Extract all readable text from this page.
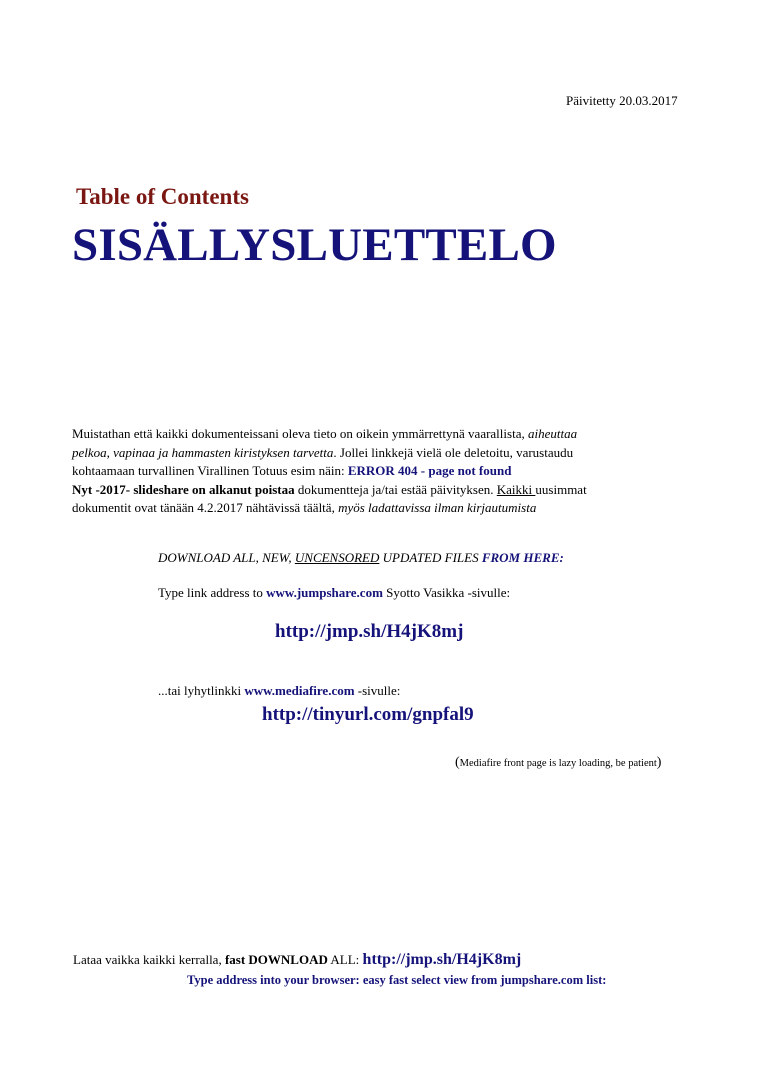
Päivitetty 20.03.2017
Table of Contents
SISÄLLYSLUETTELO
Muistathan että kaikki dokumenteissani oleva tieto on oikein ymmärrettynä vaarallista, aiheuttaa
pelkoa, vapinaa ja hammasten kiristyksen tarvetta. Jollei linkkejä vielä ole deletoitu, varustaudu
kohtaamaan turvallinen Virallinen Totuus esim näin: ERROR 404 - page not found
Nyt -2017- slideshare on alkanut poistaa dokumentteja ja/tai estää päivityksen. Kaikki uusimmat
dokumentit ovat tänään 4.2.2017 nähtävissä täältä, myös ladattavissa ilman kirjautumista
DOWNLOAD ALL, NEW, UNCENSORED UPDATED FILES FROM HERE:
Type link address to www.jumpshare.com Syotto Vasikka -sivulle:
http://jmp.sh/H4jK8mj
...tai lyhytlinkki www.mediafire.com -sivulle:
http://tinyurl.com/gnpfal9
(Mediafire front page is lazy loading, be patient)
Lataa vaikka kaikki kerralla, fast DOWNLOAD ALL: http://jmp.sh/H4jK8mj
Type address into your browser: easy fast select view from jumpshare.com list:
